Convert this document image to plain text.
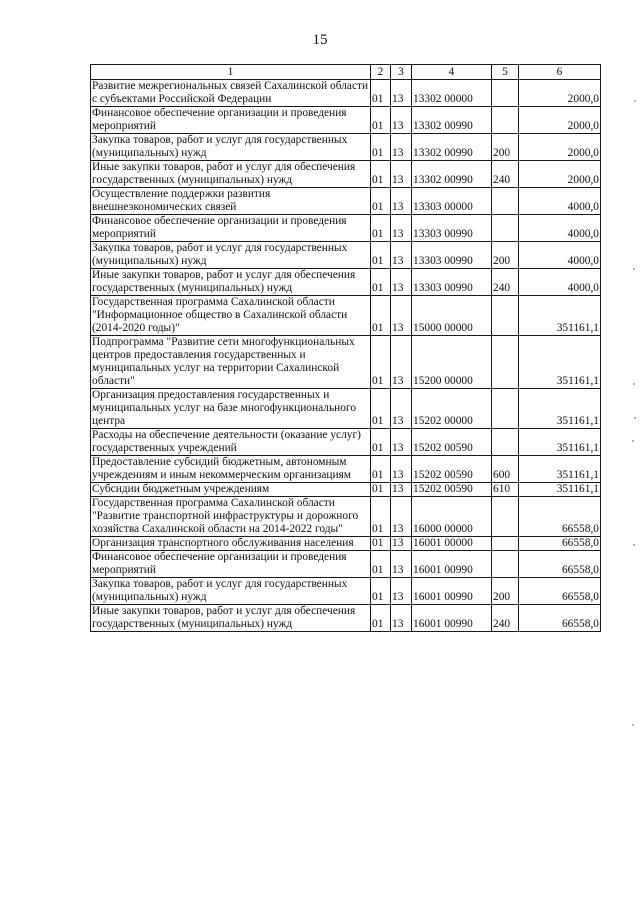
15
1	2	3	4	5	6
Развитие межрегиональных связей Сахалинской области с субъектами Российской Федерации	01	13	13302 00000		2000,0
Финансовое обеспечение организации и проведения мероприятий	01	13	13302 00990		2000,0
Закупка товаров, работ и услуг для государственных (муниципальных) нужд	01	13	13302 00990	200	2000,0
Иные закупки товаров, работ и услуг для обеспечения государственных (муниципальных) нужд	01	13	13302 00990	240	2000,0
Осуществление поддержки развития внешнеэкономических связей	01	13	13303 00000		4000,0
Финансовое обеспечение организации и проведения мероприятий	01	13	13303 00990		4000,0
Закупка товаров, работ и услуг для государственных (муниципальных) нужд	01	13	13303 00990	200	4000,0
Иные закупки товаров, работ и услуг для обеспечения государственных (муниципальных) нужд	01	13	13303 00990	240	4000,0
Государственная программа Сахалинской области "Информационное общество в Сахалинской области (2014-2020 годы)"	01	13	15000 00000		351161,1
Подпрограмма "Развитие сети многофункциональных центров предоставления государственных и муниципальных услуг на территории Сахалинской области"	01	13	15200 00000		351161,1
Организация предоставления государственных и муниципальных услуг на базе многофункционального центра	01	13	15202 00000		351161,1
Расходы на обеспечение деятельности (оказание услуг) государственных учреждений	01	13	15202 00590		351161,1
Предоставление субсидий бюджетным, автономным учреждениям и иным некоммерческим организациям	01	13	15202 00590	600	351161,1
Субсидии бюджетным учреждениям	01	13	15202 00590	610	351161,1
Государственная программа Сахалинской области "Развитие транспортной инфраструктуры и дорожного хозяйства Сахалинской области на 2014-2022 годы"	01	13	16000 00000		66558,0
Организация транспортного обслуживания населения	01	13	16001 00000		66558,0
Финансовое обеспечение организации и проведения мероприятий	01	13	16001 00990		66558,0
Закупка товаров, работ и услуг для государственных (муниципальных) нужд	01	13	16001 00990	200	66558,0
Иные закупки товаров, работ и услуг для обеспечения государственных (муниципальных) нужд	01	13	16001 00990	240	66558,0
